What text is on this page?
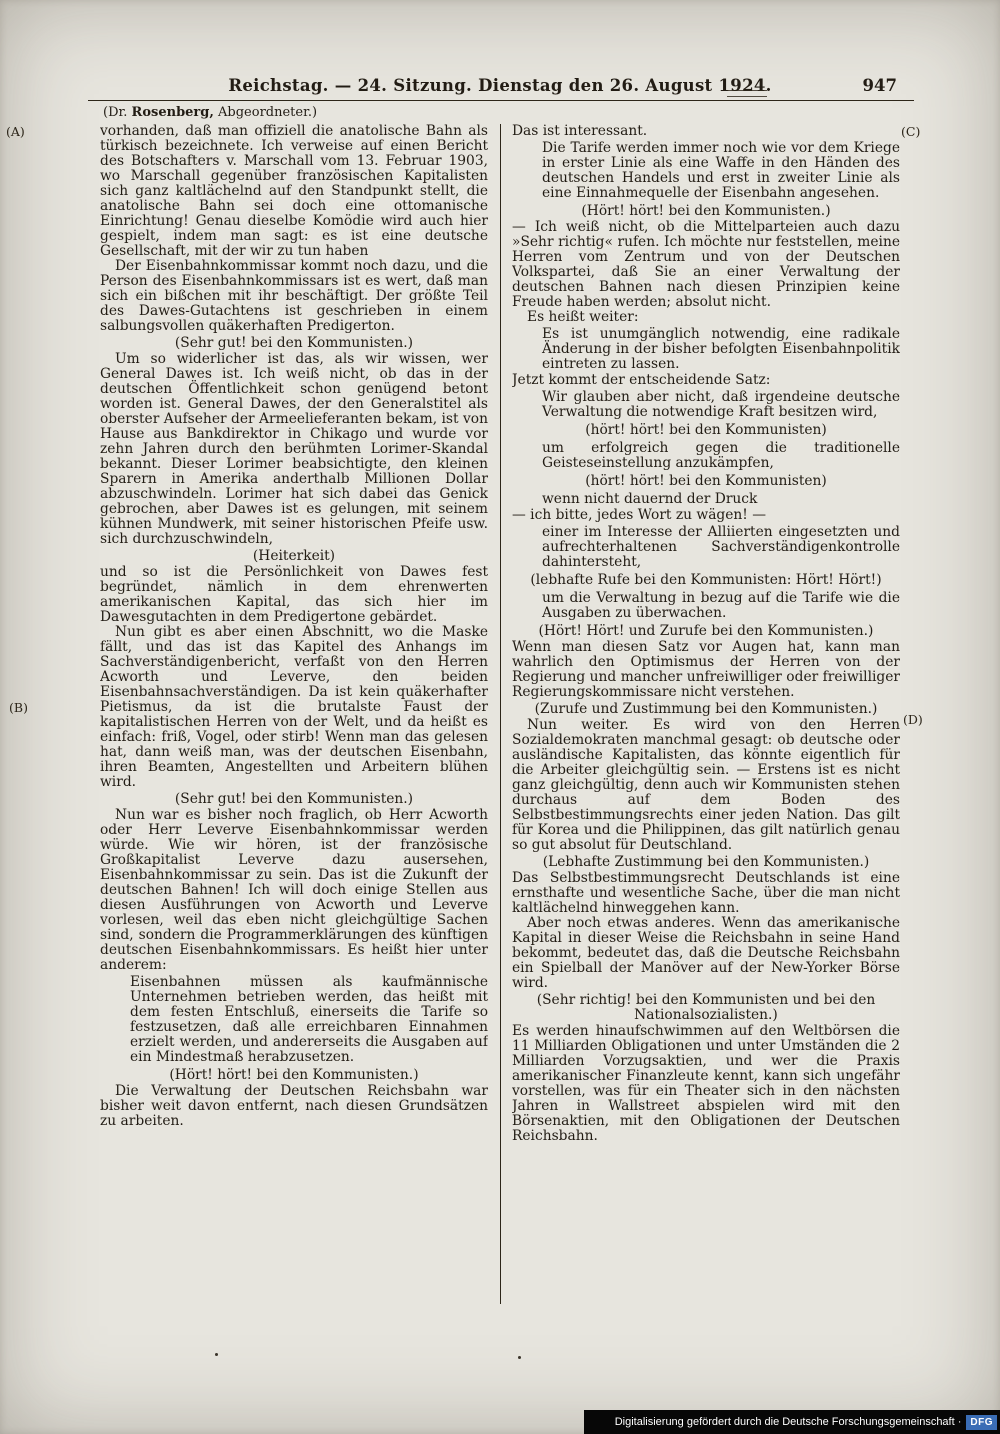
Reichstag. — 24. Sitzung. Dienstag den 26. August 1924.	947
(Dr. Rosenberg, Abgeordneter.)
(A)
(B)
(C)
(D)

vorhanden, daß man offiziell die anatolische Bahn als türkisch bezeichnete. Ich verweise auf einen Bericht des Botschafters v. Marschall vom 13. Februar 1903, wo Marschall gegenüber französischen Kapitalisten sich ganz kaltlächelnd auf den Standpunkt stellt, die anatolische Bahn sei doch eine ottomanische Einrichtung! Genau dieselbe Komödie wird auch hier gespielt, indem man sagt: es ist eine deutsche Gesellschaft, mit der wir zu tun haben

Der Eisenbahnkommissar kommt noch dazu, und die Person des Eisenbahnkommissars ist es wert, daß man sich ein bißchen mit ihr beschäftigt. Der größte Teil des Dawes-Gutachtens ist geschrieben in einem salbungsvollen quäkerhaften Predigerton.

(Sehr gut! bei den Kommunisten.)

Um so widerlicher ist das, als wir wissen, wer General Dawes ist. Ich weiß nicht, ob das in der deutschen Öffentlichkeit schon genügend betont worden ist. General Dawes, der den Generalstitel als oberster Aufseher der Armeelieferanten bekam, ist von Hause aus Bankdirektor in Chikago und wurde vor zehn Jahren durch den berühmten Lorimer-Skandal bekannt. Dieser Lorimer beabsichtigte, den kleinen Sparern in Amerika anderthalb Millionen Dollar abzuschwindeln. Lorimer hat sich dabei das Genick gebrochen, aber Dawes ist es gelungen, mit seinem kühnen Mundwerk, mit seiner historischen Pfeife usw. sich durchzuschwindeln,

(Heiterkeit)

und so ist die Persönlichkeit von Dawes fest begründet, nämlich in dem ehrenwerten amerikanischen Kapital, das sich hier im Dawesgutachten in dem Predigertone gebärdet.

Nun gibt es aber einen Abschnitt, wo die Maske fällt, und das ist das Kapitel des Anhangs im Sachverständigenbericht, verfaßt von den Herren Acworth und Leverve, den beiden Eisenbahnsachverständigen. Da ist kein quäkerhafter Pietismus, da ist die brutalste Faust der kapitalistischen Herren von der Welt, und da heißt es einfach: friß, Vogel, oder stirb! Wenn man das gelesen hat, dann weiß man, was der deutschen Eisenbahn, ihren Beamten, Angestellten und Arbeitern blühen wird.

(Sehr gut! bei den Kommunisten.)

Nun war es bisher noch fraglich, ob Herr Acworth oder Herr Leverve Eisenbahnkommissar werden würde. Wie wir hören, ist der französische Großkapitalist Leverve dazu ausersehen, Eisenbahnkommissar zu sein. Das ist die Zukunft der deutschen Bahnen! Ich will doch einige Stellen aus diesen Ausführungen von Acworth und Leverve vorlesen, weil das eben nicht gleichgültige Sachen sind, sondern die Programmerklärungen des künftigen deutschen Eisenbahnkommissars. Es heißt hier unter anderem:

Eisenbahnen müssen als kaufmännische Unternehmen betrieben werden, das heißt mit dem festen Entschluß, einerseits die Tarife so festzusetzen, daß alle erreichbaren Einnahmen erzielt werden, und andererseits die Ausgaben auf ein Mindestmaß herabzusetzen.

(Hört! hört! bei den Kommunisten.)

Die Verwaltung der Deutschen Reichsbahn war bisher weit davon entfernt, nach diesen Grundsätzen zu arbeiten.

Das ist interessant.

Die Tarife werden immer noch wie vor dem Kriege in erster Linie als eine Waffe in den Händen des deutschen Handels und erst in zweiter Linie als eine Einnahmequelle der Eisenbahn angesehen.

(Hört! hört! bei den Kommunisten.)

— Ich weiß nicht, ob die Mittelparteien auch dazu »Sehr richtig« rufen. Ich möchte nur feststellen, meine Herren vom Zentrum und von der Deutschen Volkspartei, daß Sie an einer Verwaltung der deutschen Bahnen nach diesen Prinzipien keine Freude haben werden; absolut nicht.

Es heißt weiter:

Es ist unumgänglich notwendig, eine radikale Änderung in der bisher befolgten Eisenbahnpolitik eintreten zu lassen.

Jetzt kommt der entscheidende Satz:

Wir glauben aber nicht, daß irgendeine deutsche Verwaltung die notwendige Kraft besitzen wird,

(hört! hört! bei den Kommunisten)

um erfolgreich gegen die traditionelle Geisteseinstellung anzukämpfen,

(hört! hört! bei den Kommunisten)

wenn nicht dauernd der Druck

— ich bitte, jedes Wort zu wägen! —

einer im Interesse der Alliierten eingesetzten und aufrechterhaltenen Sachverständigenkontrolle dahintersteht,

(lebhafte Rufe bei den Kommunisten: Hört! Hört!)

um die Verwaltung in bezug auf die Tarife wie die Ausgaben zu überwachen.

(Hört! Hört! und Zurufe bei den Kommunisten.)

Wenn man diesen Satz vor Augen hat, kann man wahrlich den Optimismus der Herren von der Regierung und mancher unfreiwilliger oder freiwilliger Regierungskommissare nicht verstehen.

(Zurufe und Zustimmung bei den Kommunisten.)

Nun weiter. Es wird von den Herren Sozialdemokraten manchmal gesagt: ob deutsche oder ausländische Kapitalisten, das könnte eigentlich für die Arbeiter gleichgültig sein. — Erstens ist es nicht ganz gleichgültig, denn auch wir Kommunisten stehen durchaus auf dem Boden des Selbstbestimmungsrechts einer jeden Nation. Das gilt für Korea und die Philippinen, das gilt natürlich genau so gut absolut für Deutschland.

(Lebhafte Zustimmung bei den Kommunisten.)

Das Selbstbestimmungsrecht Deutschlands ist eine ernsthafte und wesentliche Sache, über die man nicht kaltlächelnd hinweggehen kann.

Aber noch etwas anderes. Wenn das amerikanische Kapital in dieser Weise die Reichsbahn in seine Hand bekommt, bedeutet das, daß die Deutsche Reichsbahn ein Spielball der Manöver auf der New-Yorker Börse wird.

(Sehr richtig! bei den Kommunisten und bei den Nationalsozialisten.)

Es werden hinaufschwimmen auf den Weltbörsen die 11 Milliarden Obligationen und unter Umständen die 2 Milliarden Vorzugsaktien, und wer die Praxis amerikanischer Finanzleute kennt, kann sich ungefähr vorstellen, was für ein Theater sich in den nächsten Jahren in Wallstreet abspielen wird mit den Börsenaktien, mit den Obligationen der Deutschen Reichsbahn.

Digitalisierung gefördert durch die Deutsche Forschungsgemeinschaft · DFG
